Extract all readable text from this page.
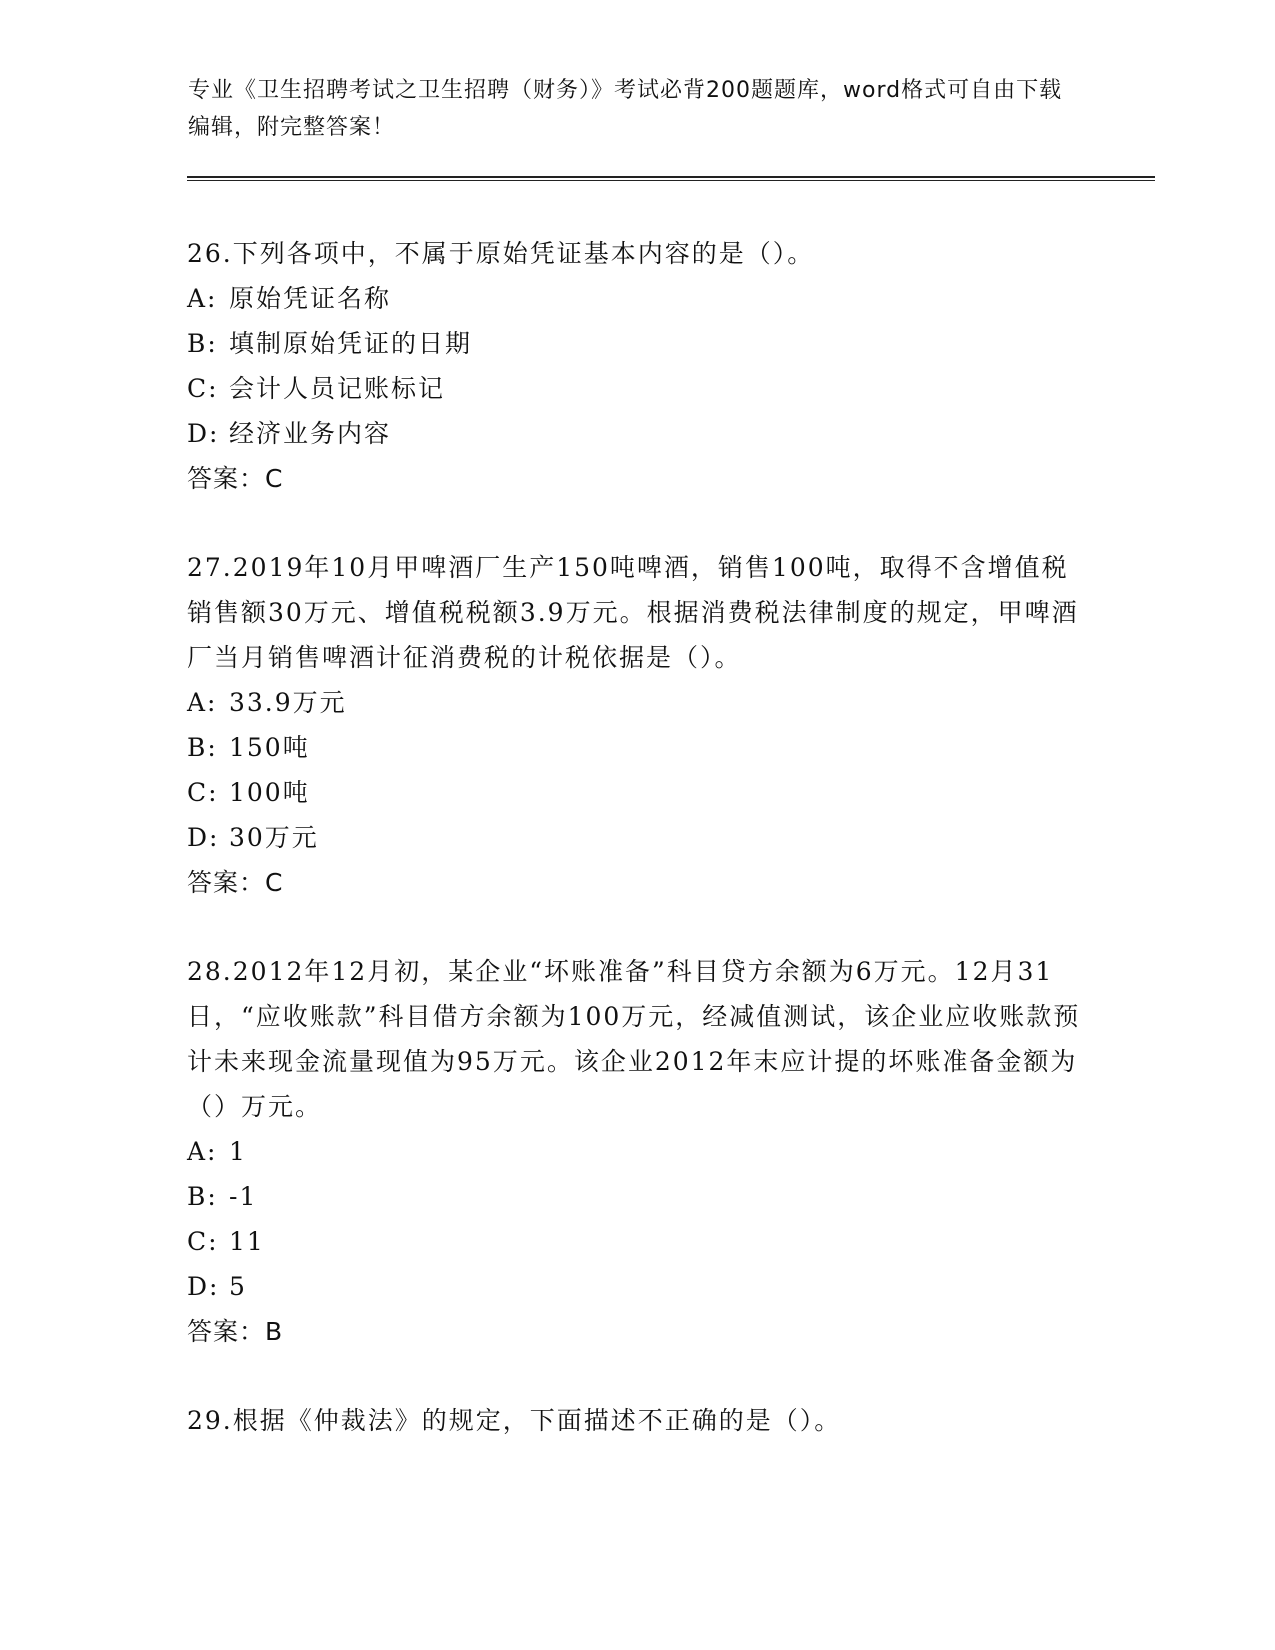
专业《卫生招聘考试之卫生招聘（财务）》考试必背200题题库，word格式可自由下载编辑，附完整答案！

26.下列各项中，不属于原始凭证基本内容的是（）。

A: 原始凭证名称
B: 填制原始凭证的日期
C: 会计人员记账标记
D: 经济业务内容
答案：C

27.2019年10月甲啤酒厂生产150吨啤酒，销售100吨，取得不含增值税销售额30万元、增值税税额3.9万元。根据消费税法律制度的规定，甲啤酒厂当月销售啤酒计征消费税的计税依据是（）。

A: 33.9万元
B: 150吨
C: 100吨
D: 30万元
答案：C

28.2012年12月初，某企业“坏账准备”科目贷方余额为6万元。12月31日，“应收账款”科目借方余额为100万元，经减值测试，该企业应收账款预计未来现金流量现值为95万元。该企业2012年末应计提的坏账准备金额为（）万元。

A: 1
B: -1
C: 11
D: 5
答案：B

29.根据《仲裁法》的规定，下面描述不正确的是（）。
